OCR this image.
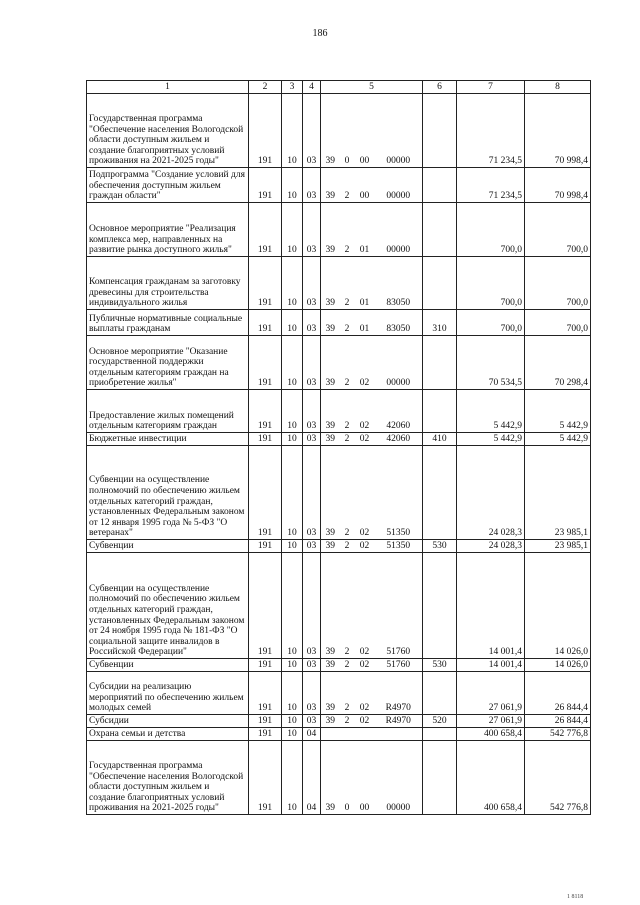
186
1	2	3	4	5				6	7	8
Государственная программа "Обеспечение населения Вологодской области доступным жильем и создание благоприятных условий проживания на 2021-2025 годы"	191	10	03	39	0	00	00000		71 234,5	70 998,4
Подпрограмма "Создание условий для обеспечения доступным жильем граждан области"	191	10	03	39	2	00	00000		71 234,5	70 998,4
Основное мероприятие "Реализация комплекса мер, направленных на развитие рынка доступного жилья"	191	10	03	39	2	01	00000		700,0	700,0
Компенсация гражданам за заготовку древесины для строительства индивидуального жилья	191	10	03	39	2	01	83050		700,0	700,0
Публичные нормативные социальные выплаты гражданам	191	10	03	39	2	01	83050	310	700,0	700,0
Основное мероприятие "Оказание государственной поддержки отдельным категориям граждан на приобретение жилья"	191	10	03	39	2	02	00000		70 534,5	70 298,4
Предоставление жилых помещений отдельным категориям граждан	191	10	03	39	2	02	42060		5 442,9	5 442,9
Бюджетные инвестиции	191	10	03	39	2	02	42060	410	5 442,9	5 442,9
Субвенции на осуществление полномочий по обеспечению жильем отдельных категорий граждан, установленных Федеральным законом от 12 января 1995 года № 5-ФЗ "О ветеранах"	191	10	03	39	2	02	51350		24 028,3	23 985,1
Субвенции	191	10	03	39	2	02	51350	530	24 028,3	23 985,1
Субвенции на осуществление полномочий по обеспечению жильем отдельных категорий граждан, установленных Федеральным законом от 24 ноября 1995 года № 181-ФЗ "О социальной защите инвалидов в Российской Федерации"	191	10	03	39	2	02	51760		14 001,4	14 026,0
Субвенции	191	10	03	39	2	02	51760	530	14 001,4	14 026,0
Субсидии на реализацию мероприятий по обеспечению жильем молодых семей	191	10	03	39	2	02	R4970		27 061,9	26 844,4
Субсидии	191	10	03	39	2	02	R4970	520	27 061,9	26 844,4
Охрана семьи и детства	191	10	04						400 658,4	542 776,8
Государственная программа "Обеспечение населения Вологодской области доступным жильем и создание благоприятных условий проживания на 2021-2025 годы"	191	10	04	39	0	00	00000		400 658,4	542 776,8
1 8118
